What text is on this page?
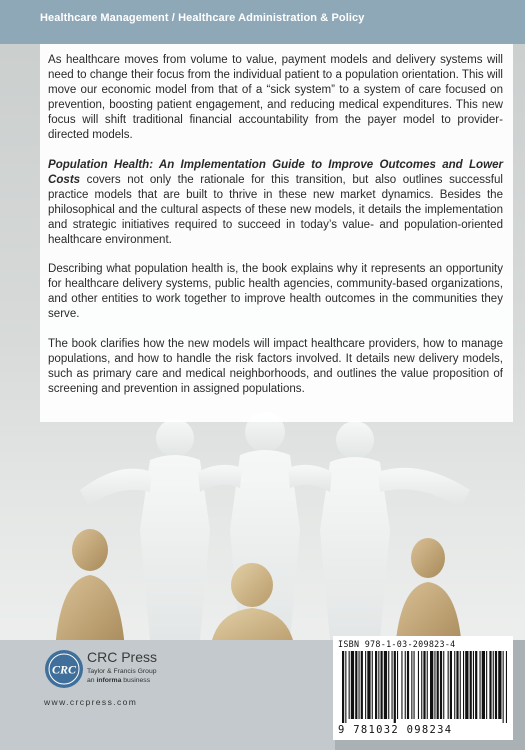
Healthcare Management / Healthcare Administration & Policy

As healthcare moves from volume to value, payment models and delivery systems will need to change their focus from the individual patient to a population orientation. This will move our economic model from that of a “sick system” to a system of care focused on prevention, boosting patient engagement, and reducing medical expenditures. This new focus will shift traditional financial accountability from the payer model to provider-directed models.

Population Health: An Implementation Guide to Improve Outcomes and Lower Costs covers not only the rationale for this transition, but also outlines successful practice models that are built to thrive in these new market dynamics. Besides the philosophical and the cultural aspects of these new models, it details the implementation and strategic initiatives required to succeed in today’s value- and population-oriented healthcare environment.

Describing what population health is, the book explains why it represents an opportunity for healthcare delivery systems, public health agencies, community-based organizations, and other entities to work together to improve health outcomes in the communities they serve.

The book clarifies how the new models will impact healthcare providers, how to manage populations, and how to handle the risk factors involved. It details new delivery models, such as primary care and medical neighborhoods, and outlines the value proposition of screening and prevention in assigned populations.

CRC
CRC Press
Taylor & Francis Group
an informa business
www.crcpress.com
ISBN 978-1-03-209823-4
9 781032 098234
